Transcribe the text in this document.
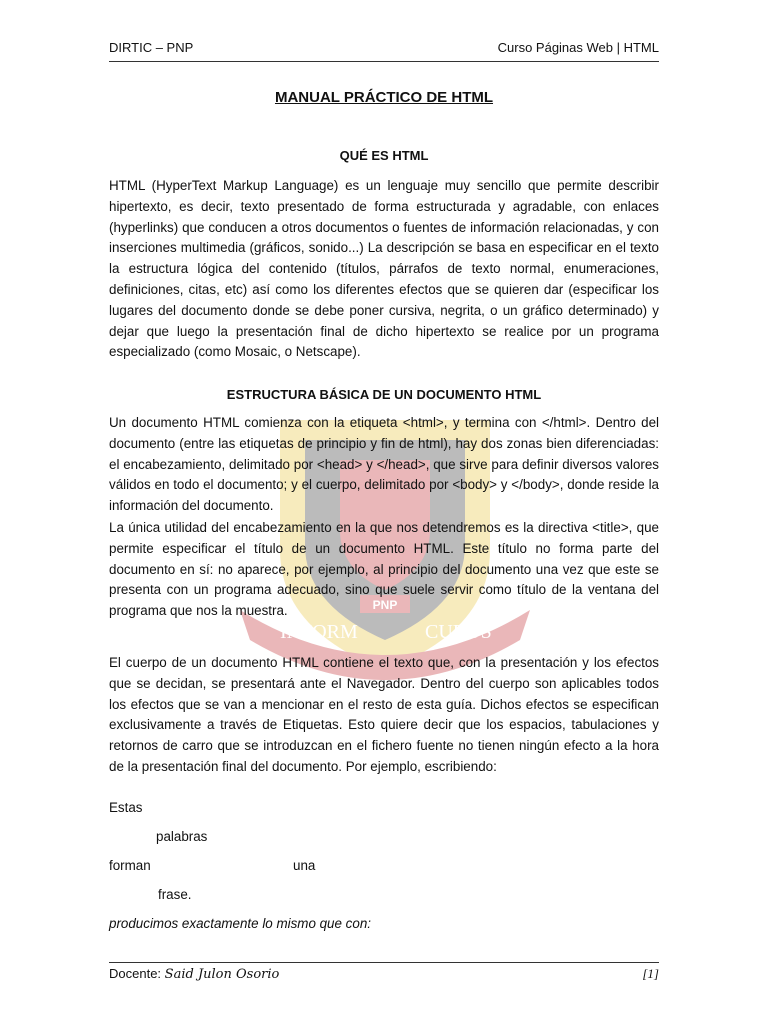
DIRTIC – PNP	Curso Páginas Web | HTML
PNP
INFORM	CURUS
MANUAL PRÁCTICO DE HTML
QUÉ ES HTML

HTML (HyperText Markup Language) es un lenguaje muy sencillo que permite describir hipertexto, es decir, texto presentado de forma estructurada y agradable, con enlaces (hyperlinks) que conducen a otros documentos o fuentes de información relacionadas, y con inserciones multimedia (gráficos, sonido...) La descripción se basa en especificar en el texto la estructura lógica del contenido (títulos, párrafos de texto normal, enumeraciones, definiciones, citas, etc) así como los diferentes efectos que se quieren dar (especificar los lugares del documento donde se debe poner cursiva, negrita, o un gráfico determinado) y dejar que luego la presentación final de dicho hipertexto se realice por un programa especializado (como Mosaic, o Netscape).

ESTRUCTURA BÁSICA DE UN DOCUMENTO HTML

Un documento HTML comienza con la etiqueta <html>, y termina con </html>. Dentro del documento (entre las etiquetas de principio y fin de html), hay dos zonas bien diferenciadas: el encabezamiento, delimitado por <head> y </head>, que sirve para definir diversos valores válidos en todo el documento; y el cuerpo, delimitado por <body> y </body>, donde reside la información del documento.

La única utilidad del encabezamiento en la que nos detendremos es la directiva <title>, que permite especificar el título de un documento HTML. Este título no forma parte del documento en sí: no aparece, por ejemplo, al principio del documento una vez que este se presenta con un programa adecuado, sino que suele servir como título de la ventana del programa que nos la muestra.

El cuerpo de un documento HTML contiene el texto que, con la presentación y los efectos que se decidan, se presentará ante el Navegador. Dentro del cuerpo son aplicables todos los efectos que se van a mencionar en el resto de esta guía. Dichos efectos se especifican exclusivamente a través de Etiquetas. Esto quiere decir que los espacios, tabulaciones y retornos de carro que se introduzcan en el fichero fuente no tienen ningún efecto a la hora de la presentación final del documento. Por ejemplo, escribiendo:

Estas
palabras
forman	una
frase.
producimos exactamente lo mismo que con:
Docente: Said Julon Osorio	[1]
